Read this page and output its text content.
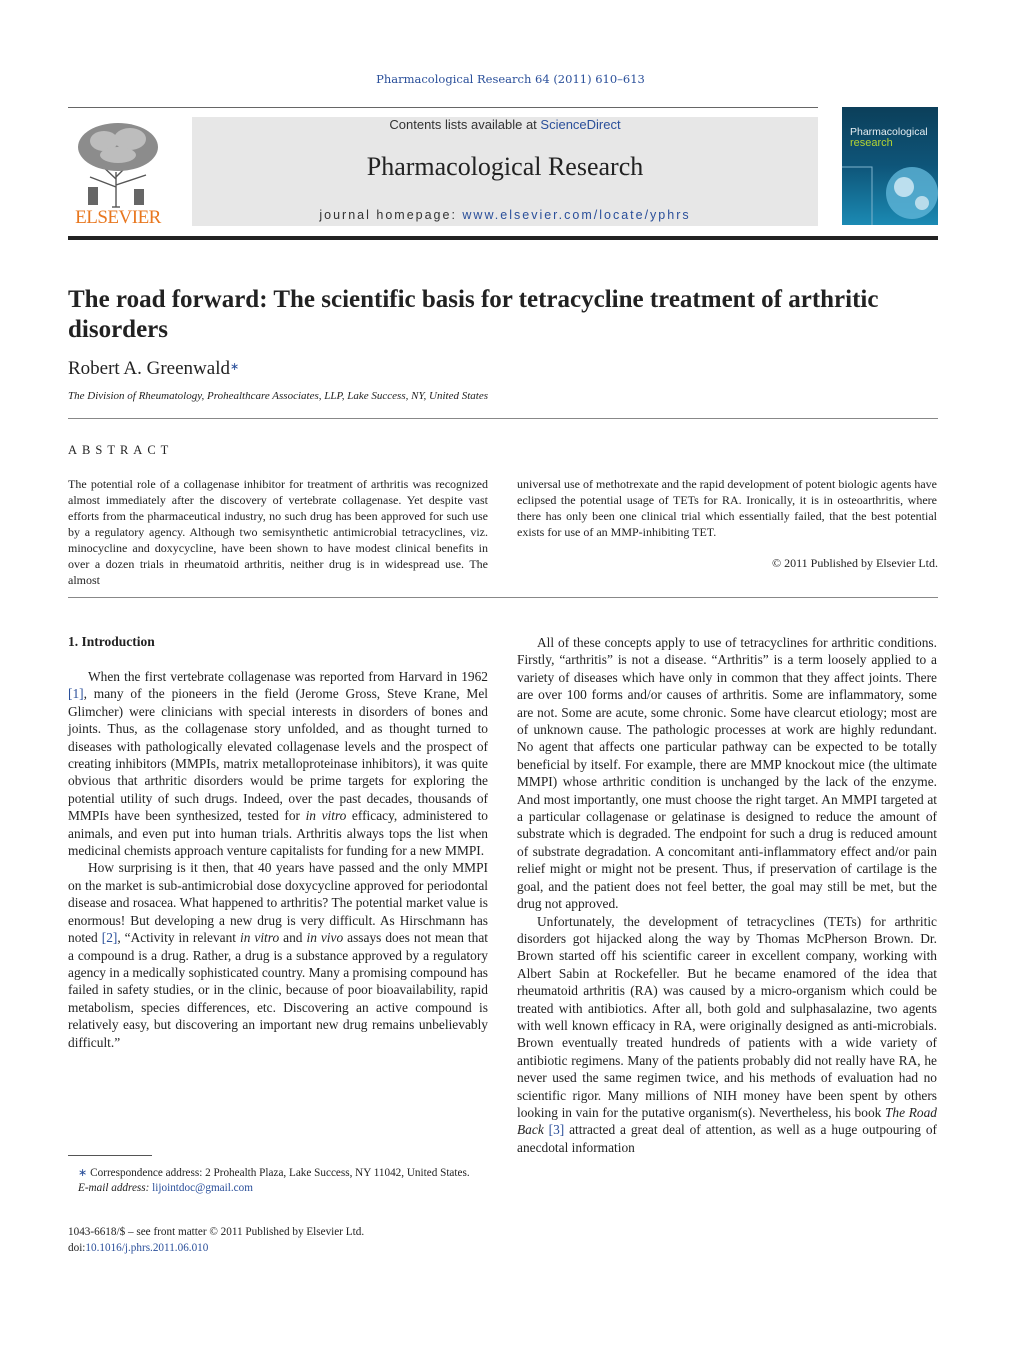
Pharmacological Research 64 (2011) 610–613
ELSEVIER
Contents lists available at ScienceDirect
Pharmacological Research
journal homepage: www.elsevier.com/locate/yphrs
Pharmacological
research
The road forward: The scientific basis for tetracycline treatment of arthritic disorders
Robert A. Greenwald∗
The Division of Rheumatology, Prohealthcare Associates, LLP, Lake Success, NY, United States
ABSTRACT
The potential role of a collagenase inhibitor for treatment of arthritis was recognized almost immediately after the discovery of vertebrate collagenase. Yet despite vast efforts from the pharmaceutical industry, no such drug has been approved for such use by a regulatory agency. Although two semisynthetic antimicrobial tetracyclines, viz. minocycline and doxycycline, have been shown to have modest clinical benefits in over a dozen trials in rheumatoid arthritis, neither drug is in widespread use. The almost
universal use of methotrexate and the rapid development of potent biologic agents have eclipsed the potential usage of TETs for RA. Ironically, it is in osteoarthritis, where there has only been one clinical trial which essentially failed, that the best potential exists for use of an MMP-inhibiting TET.
© 2011 Published by Elsevier Ltd.
1. Introduction

When the first vertebrate collagenase was reported from Harvard in 1962 [1], many of the pioneers in the field (Jerome Gross, Steve Krane, Mel Glimcher) were clinicians with special interests in disorders of bones and joints. Thus, as the collagenase story unfolded, and as thought turned to diseases with pathologically elevated collagenase levels and the prospect of creating inhibitors (MMPIs, matrix metalloproteinase inhibitors), it was quite obvious that arthritic disorders would be prime targets for exploring the potential utility of such drugs. Indeed, over the past decades, thousands of MMPIs have been synthesized, tested for in vitro efficacy, administered to animals, and even put into human trials. Arthritis always tops the list when medicinal chemists approach venture capitalists for funding for a new MMPI.

How surprising is it then, that 40 years have passed and the only MMPI on the market is sub-antimicrobial dose doxycycline approved for periodontal disease and rosacea. What happened to arthritis? The potential market value is enormous! But developing a new drug is very difficult. As Hirschmann has noted [2], “Activity in relevant in vitro and in vivo assays does not mean that a compound is a drug. Rather, a drug is a substance approved by a regulatory agency in a medically sophisticated country. Many a promising compound has failed in safety studies, or in the clinic, because of poor bioavailability, rapid metabolism, species differences, etc. Discovering an active compound is relatively easy, but discovering an important new drug remains unbelievably difficult.”

All of these concepts apply to use of tetracyclines for arthritic conditions. Firstly, “arthritis” is not a disease. “Arthritis” is a term loosely applied to a variety of diseases which have only in common that they affect joints. There are over 100 forms and/or causes of arthritis. Some are inflammatory, some are not. Some are acute, some chronic. Some have clearcut etiology; most are of unknown cause. The pathologic processes at work are highly redundant. No agent that affects one particular pathway can be expected to be totally beneficial by itself. For example, there are MMP knockout mice (the ultimate MMPI) whose arthritic condition is unchanged by the lack of the enzyme. And most importantly, one must choose the right target. An MMPI targeted at a particular collagenase or gelatinase is designed to reduce the amount of substrate which is degraded. The endpoint for such a drug is reduced amount of substrate degradation. A concomitant anti-inflammatory effect and/or pain relief might or might not be present. Thus, if preservation of cartilage is the goal, and the patient does not feel better, the goal may still be met, but the drug not approved.

Unfortunately, the development of tetracyclines (TETs) for arthritic disorders got hijacked along the way by Thomas McPherson Brown. Dr. Brown started off his scientific career in excellent company, working with Albert Sabin at Rockefeller. But he became enamored of the idea that rheumatoid arthritis (RA) was caused by a micro-organism which could be treated with antibiotics. After all, both gold and sulphasalazine, two agents with well known efficacy in RA, were originally designed as anti-microbials. Brown eventually treated hundreds of patients with a wide variety of antibiotic regimens. Many of the patients probably did not really have RA, he never used the same regimen twice, and his methods of evaluation had no scientific rigor. Many millions of NIH money have been spent by others looking in vain for the putative organism(s). Nevertheless, his book The Road Back [3] attracted a great deal of attention, as well as a huge outpouring of anecdotal information

∗ Correspondence address: 2 Prohealth Plaza, Lake Success, NY 11042, United States.
E-mail address: lijointdoc@gmail.com
1043-6618/$ – see front matter © 2011 Published by Elsevier Ltd.
doi:10.1016/j.phrs.2011.06.010
